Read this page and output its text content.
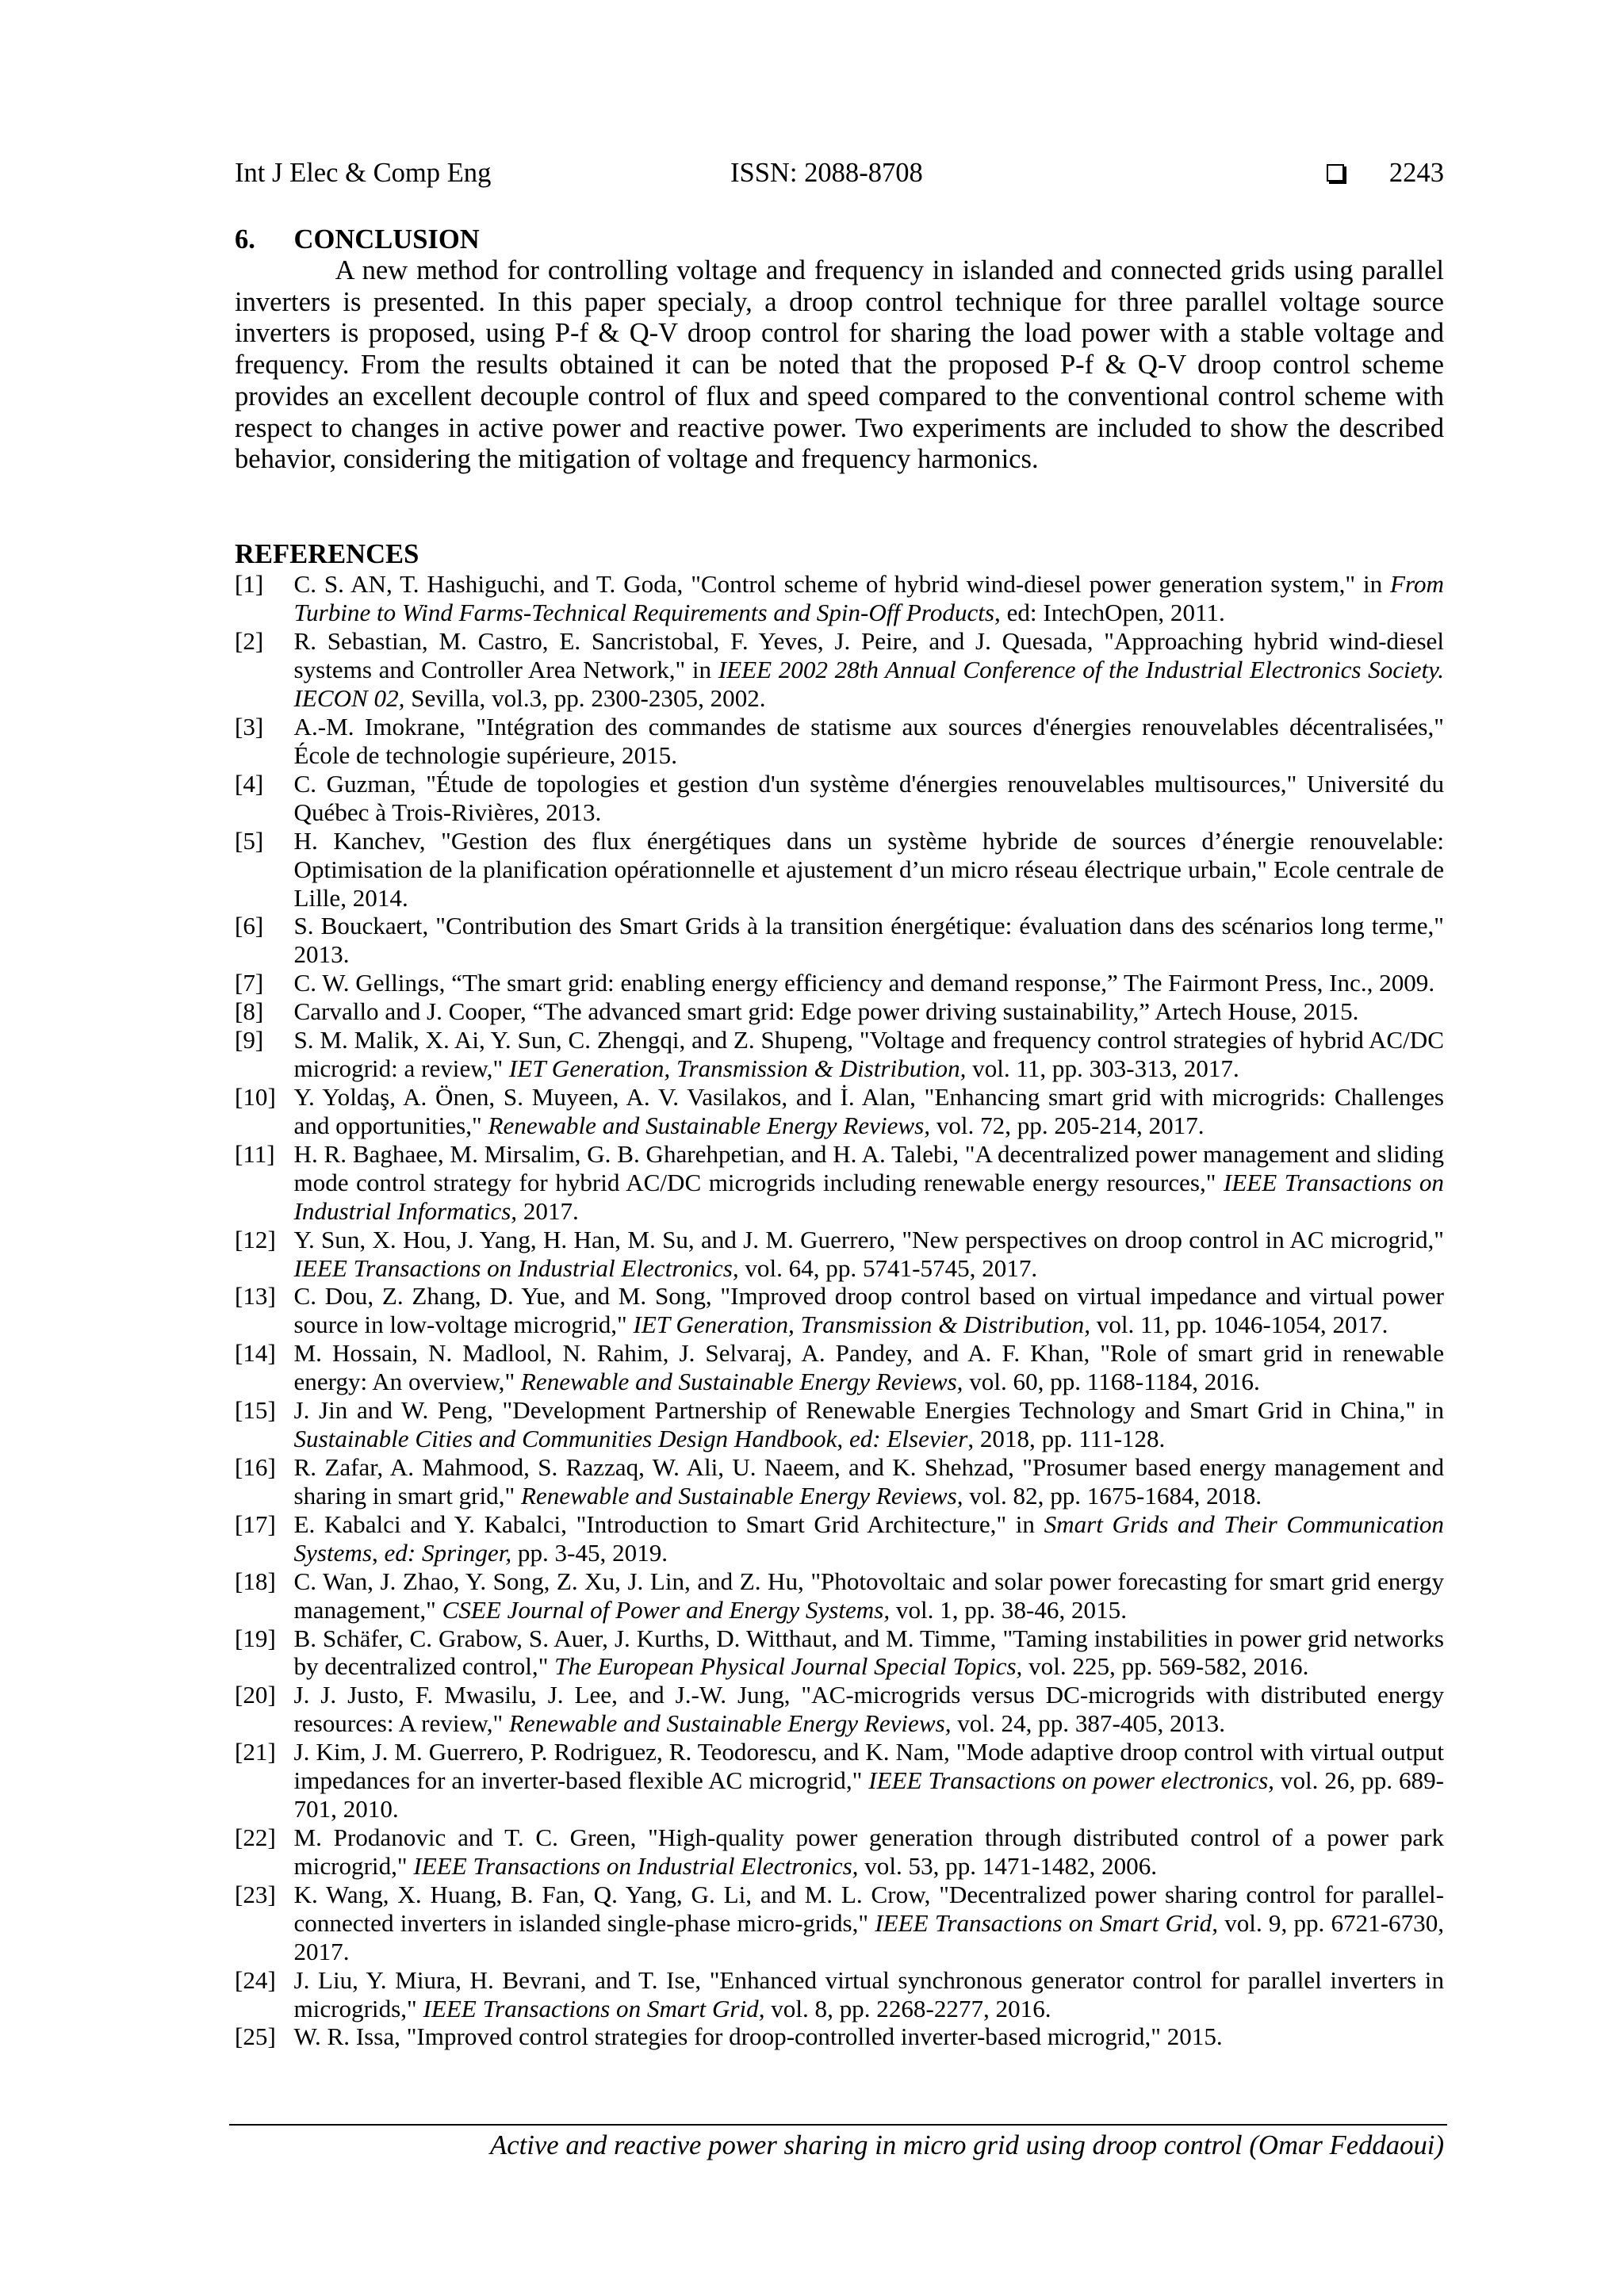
Int J Elec & Comp Eng	ISSN: 2088-8708	2243
6.	CONCLUSION

A new method for controlling voltage and frequency in islanded and connected grids using parallel inverters is presented. In this paper specialy, a droop control technique for three parallel voltage source inverters is proposed, using P-f & Q-V droop control for sharing the load power with a stable voltage and frequency. From the results obtained it can be noted that the proposed P-f & Q-V droop control scheme provides an excellent decouple control of flux and speed compared to the conventional control scheme with respect to changes in active power and reactive power. Two experiments are included to show the described behavior, considering the mitigation of voltage and frequency harmonics.

REFERENCES
[1]	C. S. AN, T. Hashiguchi, and T. Goda, "Control scheme of hybrid wind-diesel power generation system," in From Turbine to Wind Farms-Technical Requirements and Spin-Off Products, ed: IntechOpen, 2011.
[2]	R. Sebastian, M. Castro, E. Sancristobal, F. Yeves, J. Peire, and J. Quesada, "Approaching hybrid wind-diesel systems and Controller Area Network," in IEEE 2002 28th Annual Conference of the Industrial Electronics Society. IECON 02, Sevilla, vol.3, pp. 2300-2305, 2002.
[3]	A.-M. Imokrane, "Intégration des commandes de statisme aux sources d'énergies renouvelables décentralisées," École de technologie supérieure, 2015.
[4]	C. Guzman, "Étude de topologies et gestion d'un système d'énergies renouvelables multisources," Université du Québec à Trois-Rivières, 2013.
[5]	H. Kanchev, "Gestion des flux énergétiques dans un système hybride de sources d’énergie renouvelable: Optimisation de la planification opérationnelle et ajustement d’un micro réseau électrique urbain," Ecole centrale de Lille, 2014.
[6]	S. Bouckaert, "Contribution des Smart Grids à la transition énergétique: évaluation dans des scénarios long terme," 2013.
[7]	C. W. Gellings, “The smart grid: enabling energy efficiency and demand response,” The Fairmont Press, Inc., 2009.
[8]	Carvallo and J. Cooper, “The advanced smart grid: Edge power driving sustainability,” Artech House, 2015.
[9]	S. M. Malik, X. Ai, Y. Sun, C. Zhengqi, and Z. Shupeng, "Voltage and frequency control strategies of hybrid AC/DC microgrid: a review," IET Generation, Transmission & Distribution, vol. 11, pp. 303-313, 2017.
[10] Y. Yoldaş, A. Önen, S. Muyeen, A. V. Vasilakos, and İ. Alan, "Enhancing smart grid with microgrids: Challenges and opportunities," Renewable and Sustainable Energy Reviews, vol. 72, pp. 205-214, 2017.
[11] H. R. Baghaee, M. Mirsalim, G. B. Gharehpetian, and H. A. Talebi, "A decentralized power management and sliding mode control strategy for hybrid AC/DC microgrids including renewable energy resources," IEEE Transactions on Industrial Informatics, 2017.
[12] Y. Sun, X. Hou, J. Yang, H. Han, M. Su, and J. M. Guerrero, "New perspectives on droop control in AC microgrid," IEEE Transactions on Industrial Electronics, vol. 64, pp. 5741-5745, 2017.
[13] C. Dou, Z. Zhang, D. Yue, and M. Song, "Improved droop control based on virtual impedance and virtual power source in low-voltage microgrid," IET Generation, Transmission & Distribution, vol. 11, pp. 1046-1054, 2017.
[14] M. Hossain, N. Madlool, N. Rahim, J. Selvaraj, A. Pandey, and A. F. Khan, "Role of smart grid in renewable energy: An overview," Renewable and Sustainable Energy Reviews, vol. 60, pp. 1168-1184, 2016.
[15] J. Jin and W. Peng, "Development Partnership of Renewable Energies Technology and Smart Grid in China," in Sustainable Cities and Communities Design Handbook, ed: Elsevier, 2018, pp. 111-128.
[16] R. Zafar, A. Mahmood, S. Razzaq, W. Ali, U. Naeem, and K. Shehzad, "Prosumer based energy management and sharing in smart grid," Renewable and Sustainable Energy Reviews, vol. 82, pp. 1675-1684, 2018.
[17] E. Kabalci and Y. Kabalci, "Introduction to Smart Grid Architecture," in Smart Grids and Their Communication Systems, ed: Springer, pp. 3-45, 2019.
[18] C. Wan, J. Zhao, Y. Song, Z. Xu, J. Lin, and Z. Hu, "Photovoltaic and solar power forecasting for smart grid energy management," CSEE Journal of Power and Energy Systems, vol. 1, pp. 38-46, 2015.
[19] B. Schäfer, C. Grabow, S. Auer, J. Kurths, D. Witthaut, and M. Timme, "Taming instabilities in power grid networks by decentralized control," The European Physical Journal Special Topics, vol. 225, pp. 569-582, 2016.
[20] J. J. Justo, F. Mwasilu, J. Lee, and J.-W. Jung, "AC-microgrids versus DC-microgrids with distributed energy resources: A review," Renewable and Sustainable Energy Reviews, vol. 24, pp. 387-405, 2013.
[21] J. Kim, J. M. Guerrero, P. Rodriguez, R. Teodorescu, and K. Nam, "Mode adaptive droop control with virtual output impedances for an inverter-based flexible AC microgrid," IEEE Transactions on power electronics, vol. 26, pp. 689-701, 2010.
[22] M. Prodanovic and T. C. Green, "High-quality power generation through distributed control of a power park microgrid," IEEE Transactions on Industrial Electronics, vol. 53, pp. 1471-1482, 2006.
[23] K. Wang, X. Huang, B. Fan, Q. Yang, G. Li, and M. L. Crow, "Decentralized power sharing control for parallel-connected inverters in islanded single-phase micro-grids," IEEE Transactions on Smart Grid, vol. 9, pp. 6721-6730, 2017.
[24] J. Liu, Y. Miura, H. Bevrani, and T. Ise, "Enhanced virtual synchronous generator control for parallel inverters in microgrids," IEEE Transactions on Smart Grid, vol. 8, pp. 2268-2277, 2016.
[25] W. R. Issa, "Improved control strategies for droop-controlled inverter-based microgrid," 2015.
Active and reactive power sharing in micro grid using droop control (Omar Feddaoui)
